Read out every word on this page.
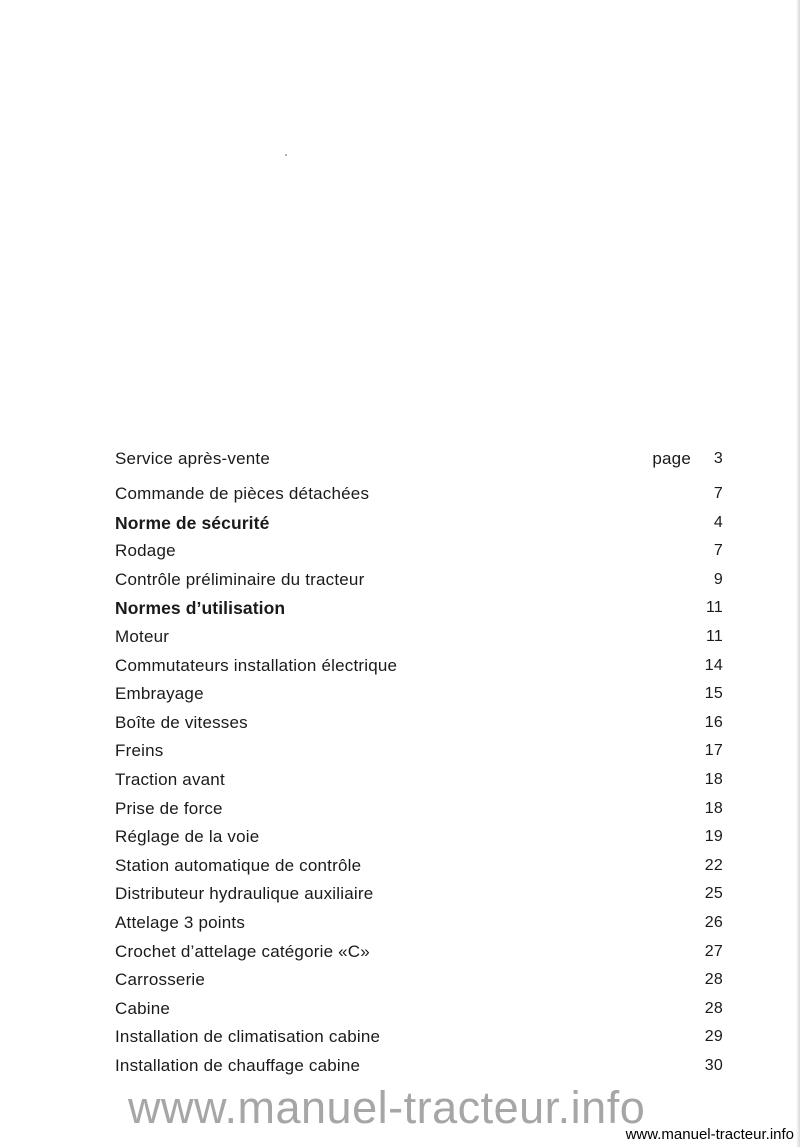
Service après-vente	page 3
Commande de pièces détachées	7
Norme de sécurité	4
Rodage	7
Contrôle préliminaire du tracteur	9
Normes d’utilisation	11
Moteur	11
Commutateurs installation électrique	14
Embrayage	15
Boîte de vitesses	16
Freins	17
Traction avant	18
Prise de force	18
Réglage de la voie	19
Station automatique de contrôle	22
Distributeur hydraulique auxiliaire	25
Attelage 3 points	26
Crochet d’attelage catégorie «C»	27
Carrosserie	28
Cabine	28
Installation de climatisation cabine	29
Installation de chauffage cabine	30
www.manuel-tracteur.info
www.manuel-tracteur.info
